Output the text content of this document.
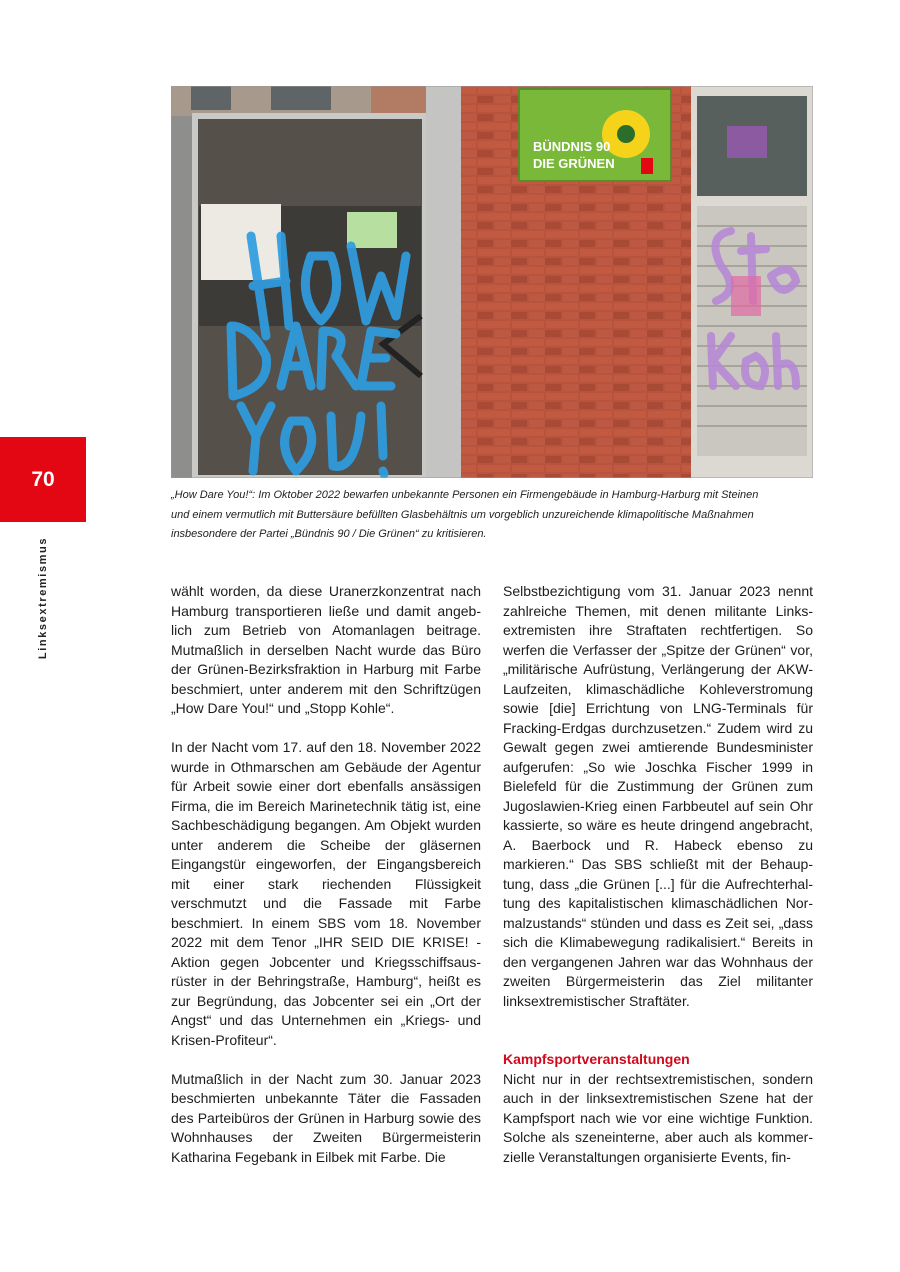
BÜNDNIS 90
DIE GRÜNEN

„How Dare You!“: Im Oktober 2022 bewarfen unbekannte Personen ein Firmengebäude in Hamburg-Harburg mit Steinen

und einem vermutlich mit Buttersäure befüllten Glasbehältnis um vorgeblich unzureichende klimapolitische Maßnahmen

insbesondere der Partei „Bündnis 90 / Die Grünen“ zu kritisieren.

70
Linksextremismus	wählt worden, da diese Uranerzkonzentrat nach Hamburg transportieren ließe und damit angeblich zum Betrieb von Atomanlagen beitrage. Mutmaßlich in derselben Nacht wurde das Büro der Grünen-Bezirksfraktion in Harburg mit Farbe beschmiert, unter anderem mit den Schriftzügen „How Dare You!“ und „Stopp Kohle“.

In der Nacht vom 17. auf den 18. November 2022 wurde in Othmarschen am Gebäude der Agentur für Arbeit sowie einer dort ebenfalls ansässigen Firma, die im Bereich Marinetechnik tätig ist, eine Sachbeschädigung begangen. Am Objekt wurden unter anderem die Scheibe der gläsernen Eingangstür eingeworfen, der Eingangsbereich mit einer stark riechenden Flüssigkeit verschmutzt und die Fassade mit Farbe beschmiert. In einem SBS vom 18. November 2022 mit dem Tenor „IHR SEID DIE KRISE! - Aktion gegen Jobcenter und Kriegsschiffsausrüster in der Behringstraße, Hamburg“, heißt es zur Begründung, das Jobcenter sei ein „Ort der Angst“ und das Unternehmen ein „Kriegs- und Krisen-Profiteur“.

Mutmaßlich in der Nacht zum 30. Januar 2023 beschmierten unbekannte Täter die Fassaden des Parteibüros der Grünen in Harburg sowie des Wohnhauses der Zweiten Bürgermeisterin Katharina Fegebank in Eilbek mit Farbe. Die

Selbstbezichtigung vom 31. Januar 2023 nennt zahlreiche Themen, mit denen militante Linksextremisten ihre Straftaten rechtfertigen. So werfen die Verfasser der „Spitze der Grünen“ vor, „militärische Aufrüstung, Verlängerung der AKW-Laufzeiten, klimaschädliche Kohleverstromung sowie [die] Errichtung von LNG-Terminals für Fracking-Erdgas durchzusetzen.“ Zudem wird zu Gewalt gegen zwei amtierende Bundesminister aufgerufen: „So wie Joschka Fischer 1999 in Bielefeld für die Zustimmung der Grünen zum Jugoslawien-Krieg einen Farbbeutel auf sein Ohr kassierte, so wäre es heute dringend angebracht, A. Baerbock und R. Habeck ebenso zu markieren.“ Das SBS schließt mit der Behauptung, dass „die Grünen [...] für die Aufrechterhaltung des kapitalistischen klimaschädlichen Normalzustands“ stünden und dass es Zeit sei, „dass sich die Klimabewegung radikalisiert.“ Bereits in den vergangenen Jahren war das Wohnhaus der zweiten Bürgermeisterin das Ziel militanter linksextremistischer Straftäter.

Kampfsportveranstaltungen

Nicht nur in der rechtsextremistischen, sondern auch in der linksextremistischen Szene hat der Kampfsport nach wie vor eine wichtige Funktion. Solche als szeneinterne, aber auch als kommerzielle Veranstaltungen organisierte Events, fin-
